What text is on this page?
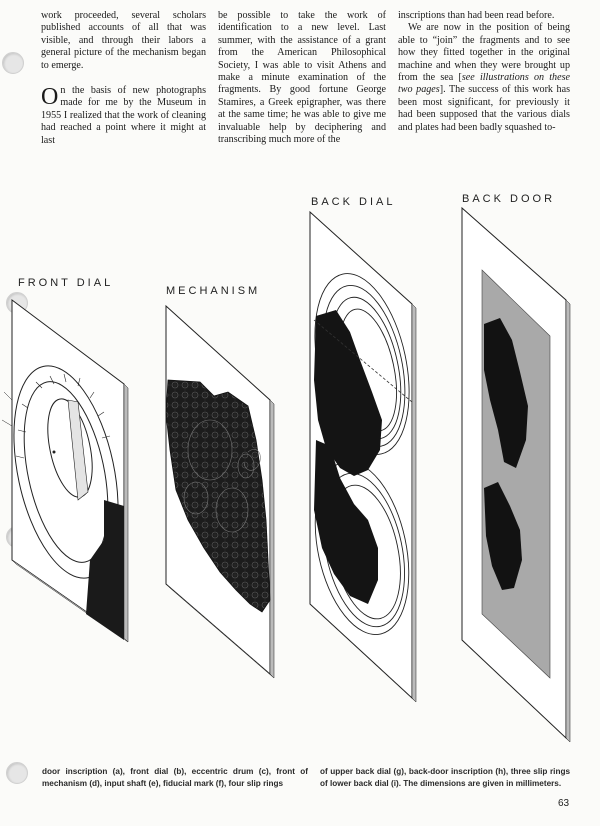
work proceeded, several scholars published accounts of all that was visible, and through their labors a general picture of the mechanism began to emerge.

On the basis of new photographs made for me by the Museum in 1955 I realized that the work of cleaning had reached a point where it might at last

be possible to take the work of identification to a new level. Last summer, with the assistance of a grant from the American Philosophical Society, I was able to visit Athens and make a minute examination of the fragments. By good fortune George Stamires, a Greek epigrapher, was there at the same time; he was able to give me invaluable help by deciphering and transcribing much more of the

inscriptions than had been read before.

We are now in the position of being able to “join” the fragments and to see how they fitted together in the original machine and when they were brought up from the sea [see illustrations on these two pages]. The success of this work has been most significant, for previously it had been supposed that the various dials and plates had been badly squashed to-

FRONT DIAL
MECHANISM
BACK DIAL	BACK DOOR
door inscription (a), front dial (b), eccentric drum (c), front of mechanism (d), input shaft (e), fiducial mark (f), four slip rings
of upper back dial (g), back-door inscription (h), three slip rings of lower back dial (i). The dimensions are given in millimeters.
63
